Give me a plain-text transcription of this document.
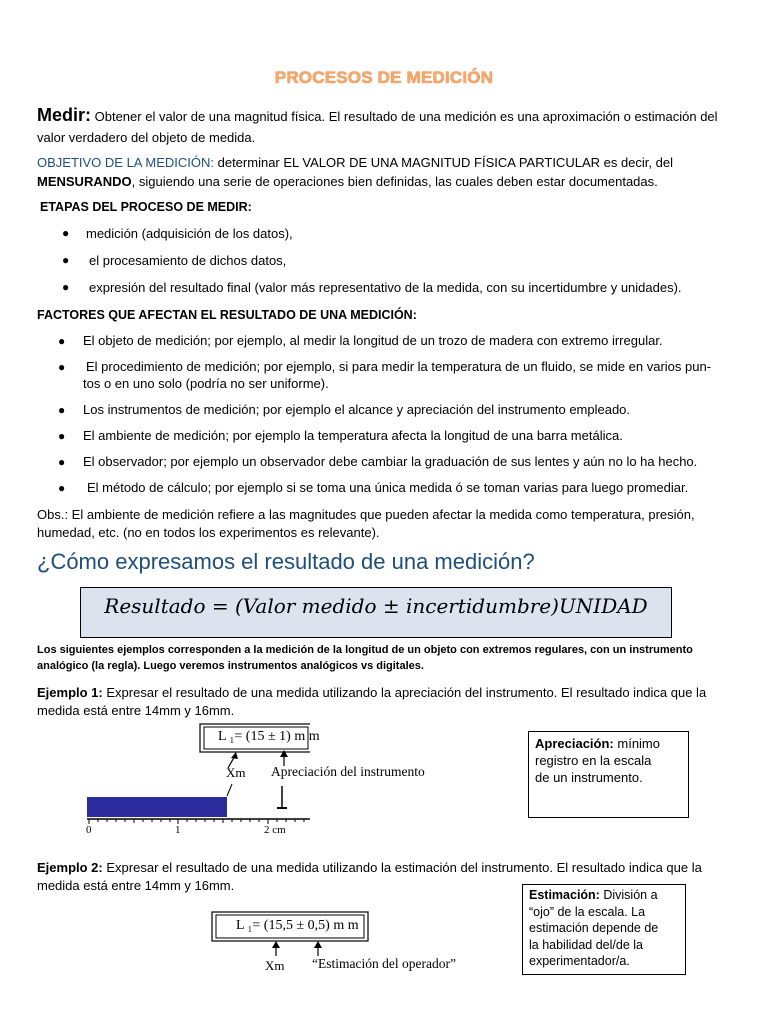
PROCESOS DE MEDICIÓN
Medir: Obtener el valor de una magnitud física. El resultado de una medición es una aproximación o estimación del
valor verdadero del objeto de medida.
OBJETIVO DE LA MEDICIÓN: determinar EL VALOR DE UNA MAGNITUD FÍSICA PARTICULAR es decir, del
MENSURANDO, siguiendo una serie de operaciones bien definidas, las cuales deben estar documentadas.
ETAPAS DEL PROCESO DE MEDIR:
● medición (adquisición de los datos),
● el procesamiento de dichos datos,
● expresión del resultado final (valor más representativo de la medida, con su incertidumbre y unidades).
FACTORES QUE AFECTAN EL RESULTADO DE UNA MEDICIÓN:
● El objeto de medición; por ejemplo, al medir la longitud de un trozo de madera con extremo irregular.
● El procedimiento de medición; por ejemplo, si para medir la temperatura de un fluido, se mide en varios pun-
tos o en uno solo (podría no ser uniforme).
● Los instrumentos de medición; por ejemplo el alcance y apreciación del instrumento empleado.
● El ambiente de medición; por ejemplo la temperatura afecta la longitud de una barra metálica.
● El observador; por ejemplo un observador debe cambiar la graduación de sus lentes y aún no lo ha hecho.
● El método de cálculo; por ejemplo si se toma una única medida ó se toman varias para luego promediar.
Obs.: El ambiente de medición refiere a las magnitudes que pueden afectar la medida como temperatura, presión,
humedad, etc. (no en todos los experimentos es relevante).
¿Cómo expresamos el resultado de una medición?
Resultado = (Valor medido ± incertidumbre)UNIDAD
Los siguientes ejemplos corresponden a la medición de la longitud de un objeto con extremos regulares, con un instrumento
analógico (la regla). Luego veremos instrumentos analógicos vs digitales.
Ejemplo 1: Expresar el resultado de una medida utilizando la apreciación del instrumento. El resultado indica que la
medida está entre 14mm y 16mm.
L ₁= (15 ± 1) m m
Xm Apreciación del instrumento
0	1	2 cm
Apreciación: mínimo
registro en la escala
de un instrumento.
Ejemplo 2: Expresar el resultado de una medida utilizando la estimación del instrumento. El resultado indica que la
medida está entre 14mm y 16mm.
L ₁= (15,5 ± 0,5) m m
Xm “Estimación del operador”
Estimación: División a
“ojo” de la escala. La
estimación depende de
la habilidad del/de la
experimentador/a.
